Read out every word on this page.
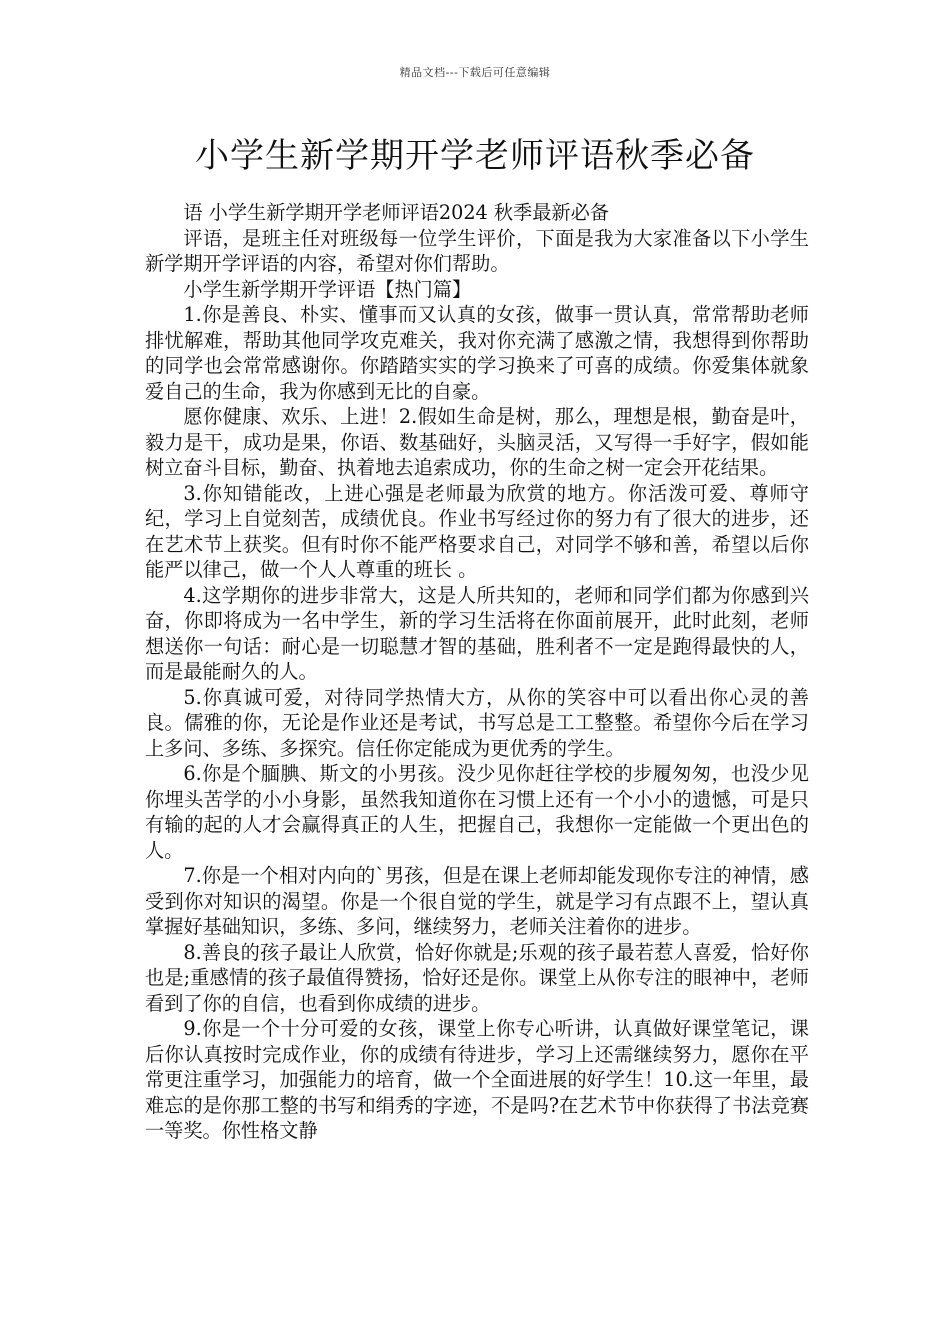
精品文档---下载后可任意编辑
小学生新学期开学老师评语秋季必备

语 小学生新学期开学老师评语2024 秋季最新必备

评语，是班主任对班级每一位学生评价，下面是我为大家准备以下小学生新学期开学评语的内容，希望对你们帮助。

小学生新学期开学评语【热门篇】

1.你是善良、朴实、懂事而又认真的女孩，做事一贯认真，常常帮助老师排忧解难，帮助其他同学攻克难关，我对你充满了感激之情，我想得到你帮助的同学也会常常感谢你。你踏踏实实的学习换来了可喜的成绩。你爱集体就象爱自己的生命，我为你感到无比的自豪。

愿你健康、欢乐、上进！2.假如生命是树，那么，理想是根，勤奋是叶，毅力是干，成功是果，你语、数基础好，头脑灵活，又写得一手好字，假如能树立奋斗目标，勤奋、执着地去追索成功，你的生命之树一定会开花结果。

3.你知错能改，上进心强是老师最为欣赏的地方。你活泼可爱、尊师守纪，学习上自觉刻苦，成绩优良。作业书写经过你的努力有了很大的进步，还在艺术节上获奖。但有时你不能严格要求自己，对同学不够和善，希望以后你能严以律己，做一个人人尊重的班长 。

4.这学期你的进步非常大，这是人所共知的，老师和同学们都为你感到兴奋，你即将成为一名中学生，新的学习生活将在你面前展开，此时此刻，老师想送你一句话：耐心是一切聪慧才智的基础，胜利者不一定是跑得最快的人，而是最能耐久的人。

5.你真诚可爱，对待同学热情大方，从你的笑容中可以看出你心灵的善良。儒雅的你，无论是作业还是考试，书写总是工工整整。希望你今后在学习上多问、多练、多探究。信任你定能成为更优秀的学生。

6.你是个腼腆、斯文的小男孩。没少见你赶往学校的步履匆匆，也没少见你埋头苦学的小小身影，虽然我知道你在习惯上还有一个小小的遗憾，可是只有输的起的人才会赢得真正的人生，把握自己，我想你一定能做一个更出色的人。

7.你是一个相对内向的`男孩，但是在课上老师却能发现你专注的神情，感受到你对知识的渴望。你是一个很自觉的学生，就是学习有点跟不上，望认真掌握好基础知识，多练、多问，继续努力，老师关注着你的进步。

8.善良的孩子最让人欣赏，恰好你就是;乐观的孩子最若惹人喜爱，恰好你也是;重感情的孩子最值得赞扬，恰好还是你。课堂上从你专注的眼神中，老师看到了你的自信，也看到你成绩的进步。

9.你是一个十分可爱的女孩，课堂上你专心听讲，认真做好课堂笔记，课后你认真按时完成作业，你的成绩有待进步，学习上还需继续努力，愿你在平常更注重学习，加强能力的培育，做一个全面进展的好学生！10.这一年里，最难忘的是你那工整的书写和绢秀的字迹，不是吗?在艺术节中你获得了书法竞赛一等奖。你性格文静
